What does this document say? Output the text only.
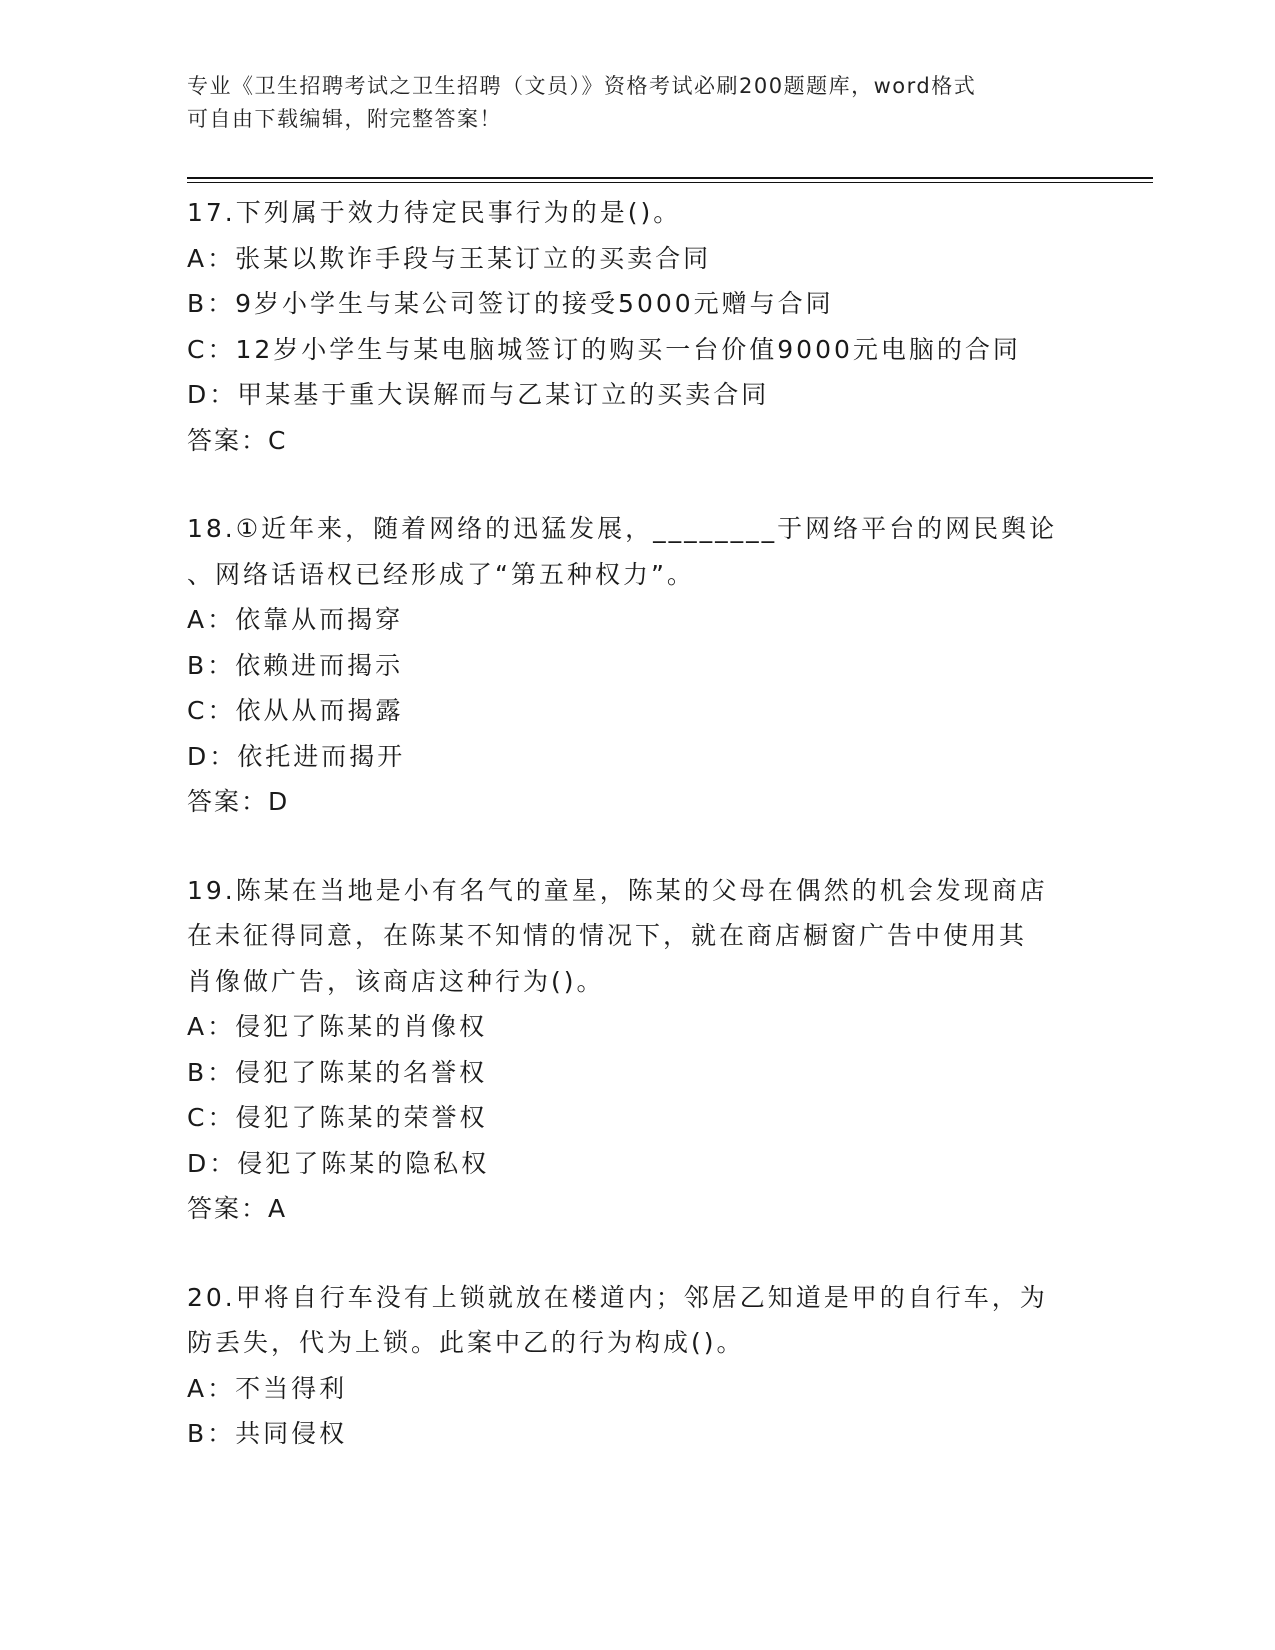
专业《卫生招聘考试之卫生招聘（文员）》资格考试必刷200题题库，word格式
可自由下载编辑，附完整答案！
17.下列属于效力待定民事行为的是()。
A：张某以欺诈手段与王某订立的买卖合同
B：9岁小学生与某公司签订的接受5000元赠与合同
C：12岁小学生与某电脑城签订的购买一台价值9000元电脑的合同
D：甲某基于重大误解而与乙某订立的买卖合同
答案：C
18.①近年来，随着网络的迅猛发展，________于网络平台的网民舆论
、网络话语权已经形成了“第五种权力”。
A：依靠从而揭穿
B：依赖进而揭示
C：依从从而揭露
D：依托进而揭开
答案：D
19.陈某在当地是小有名气的童星，陈某的父母在偶然的机会发现商店
在未征得同意，在陈某不知情的情况下，就在商店橱窗广告中使用其
肖像做广告，该商店这种行为()。
A：侵犯了陈某的肖像权
B：侵犯了陈某的名誉权
C：侵犯了陈某的荣誉权
D：侵犯了陈某的隐私权
答案：A
20.甲将自行车没有上锁就放在楼道内；邻居乙知道是甲的自行车，为
防丢失，代为上锁。此案中乙的行为构成()。
A：不当得利
B：共同侵权
